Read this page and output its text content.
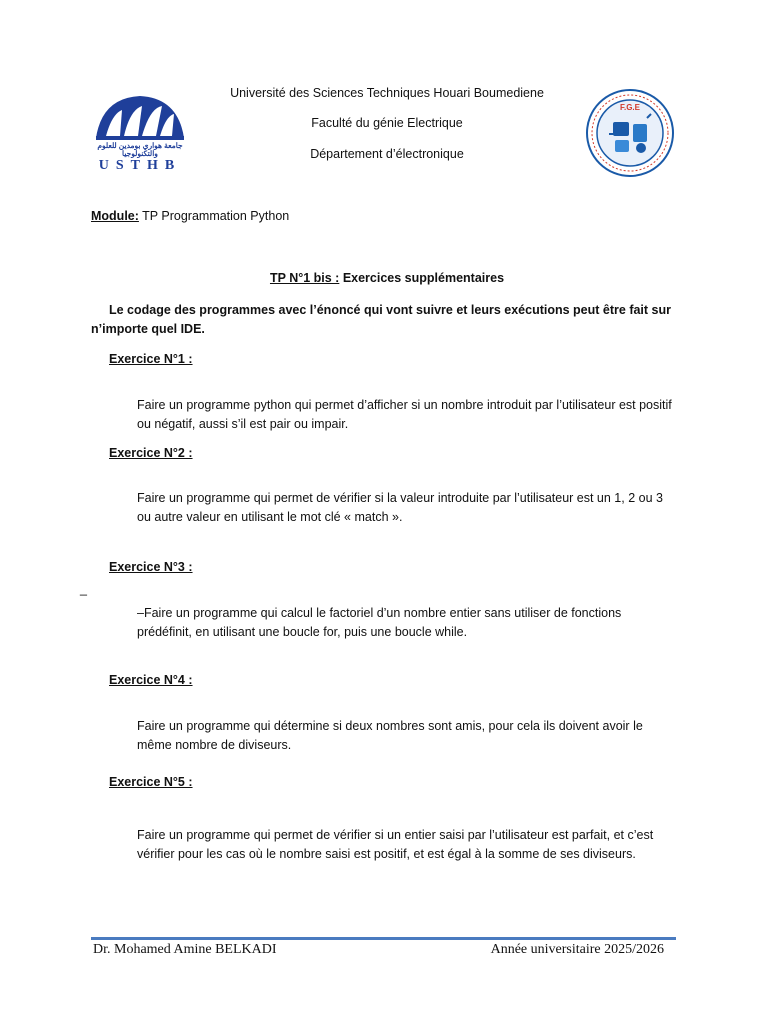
جامعة هواري بومدين للعلوم والتكنولوجيا
USTHB
Université des Sciences Techniques Houari Boumediene
Faculté du génie Electrique
Département d’électronique
F.G.E
Module: TP Programmation Python
TP N°1 bis : Exercices supplémentaires
Le codage des programmes avec l’énoncé qui vont suivre et leurs exécutions peut être fait sur n’importe quel IDE.
Exercice N°1 :
Faire un programme python qui permet d’afficher si un nombre introduit par l’utilisateur est positif ou négatif, aussi s’il est pair ou impair.
Exercice N°2 :
Faire un programme qui permet de vérifier si la valeur introduite par l’utilisateur est un 1, 2 ou 3 ou autre valeur en utilisant le mot clé « match ».
Exercice N°3 :
_
–Faire un programme qui calcul le factoriel d’un nombre entier sans utiliser de fonctions prédéfinit, en utilisant une boucle for, puis une boucle while.
Exercice N°4 :
Faire un programme qui détermine si deux nombres sont amis, pour cela ils doivent avoir le même nombre de diviseurs.
Exercice N°5 :
Faire un programme qui permet de vérifier si un entier saisi par l’utilisateur est parfait, et c’est vérifier pour les cas où le nombre saisi est positif, et est égal à la somme de ses diviseurs.
Dr. Mohamed Amine BELKADI	Année universitaire 2025/2026
